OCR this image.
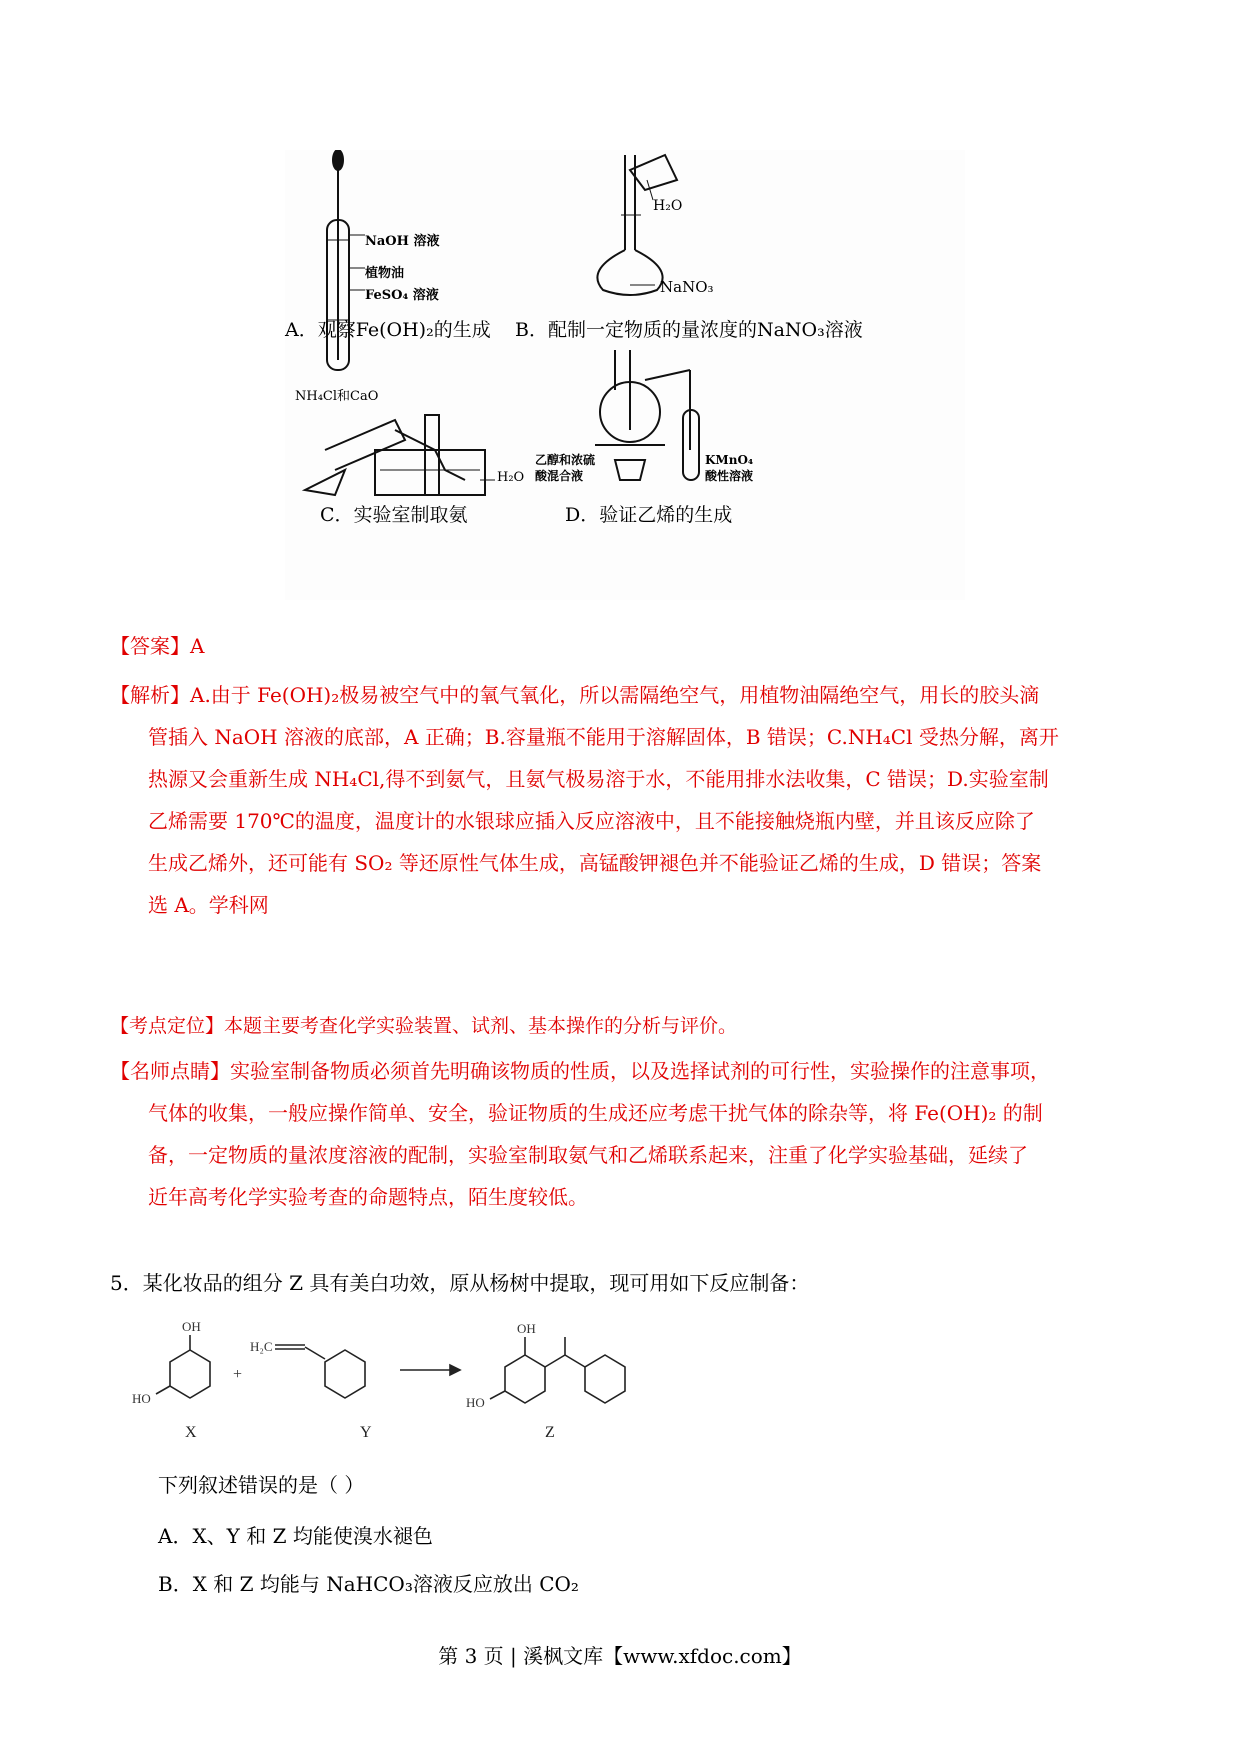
NaOH 溶液
植物油
FeSO₄ 溶液
A．观察Fe(OH)₂的生成
H₂O
NaNO₃
B．配制一定物质的量浓度的NaNO₃溶液
NH₄Cl和CaO
H₂O
C．实验室制取氨
乙醇和浓硫酸混合液
KMnO₄酸性溶液
D．验证乙烯的生成
【答案】A
【解析】A.由于 Fe(OH)₂极易被空气中的氧气氧化，所以需隔绝空气，用植物油隔绝空气，用长的胶头滴
管插入 NaOH 溶液的底部，A 正确；B.容量瓶不能用于溶解固体，B 错误；C.NH₄Cl 受热分解，离开
热源又会重新生成 NH₄Cl,得不到氨气，且氨气极易溶于水，不能用排水法收集，C 错误；D.实验室制
乙烯需要 170℃的温度，温度计的水银球应插入反应溶液中，且不能接触烧瓶内壁，并且该反应除了
生成乙烯外，还可能有 SO₂ 等还原性气体生成，高锰酸钾褪色并不能验证乙烯的生成，D 错误；答案
选 A。学科网
【考点定位】本题主要考查化学实验装置、试剂、基本操作的分析与评价。
【名师点睛】实验室制备物质必须首先明确该物质的性质，以及选择试剂的可行性，实验操作的注意事项，
气体的收集，一般应操作简单、安全，验证物质的生成还应考虑干扰气体的除杂等，将 Fe(OH)₂ 的制
备，一定物质的量浓度溶液的配制，实验室制取氨气和乙烯联系起来，注重了化学实验基础，延续了
近年高考化学实验考查的命题特点，陌生度较低。
5．某化妆品的组分 Z 具有美白功效，原从杨树中提取，现可用如下反应制备：
OH
HO
H₂C
OH
HO
+
X	Y	Z
下列叙述错误的是（ ）
A．X、Y 和 Z 均能使溴水褪色
B．X 和 Z 均能与 NaHCO₃溶液反应放出 CO₂
第 3 页 | 溪枫文库【www.xfdoc.com】
